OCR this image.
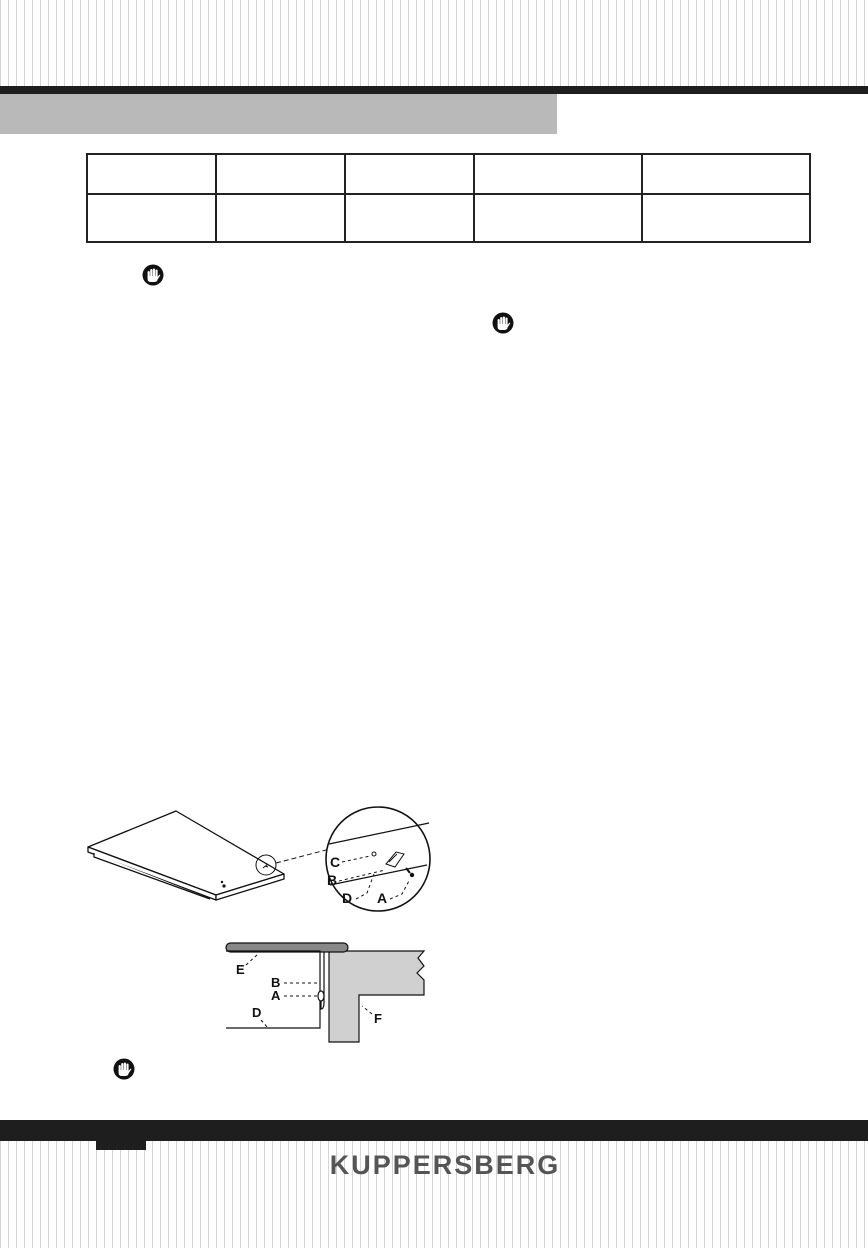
C
B
D A
E
B
A
D	F
KUPPERSBERG
